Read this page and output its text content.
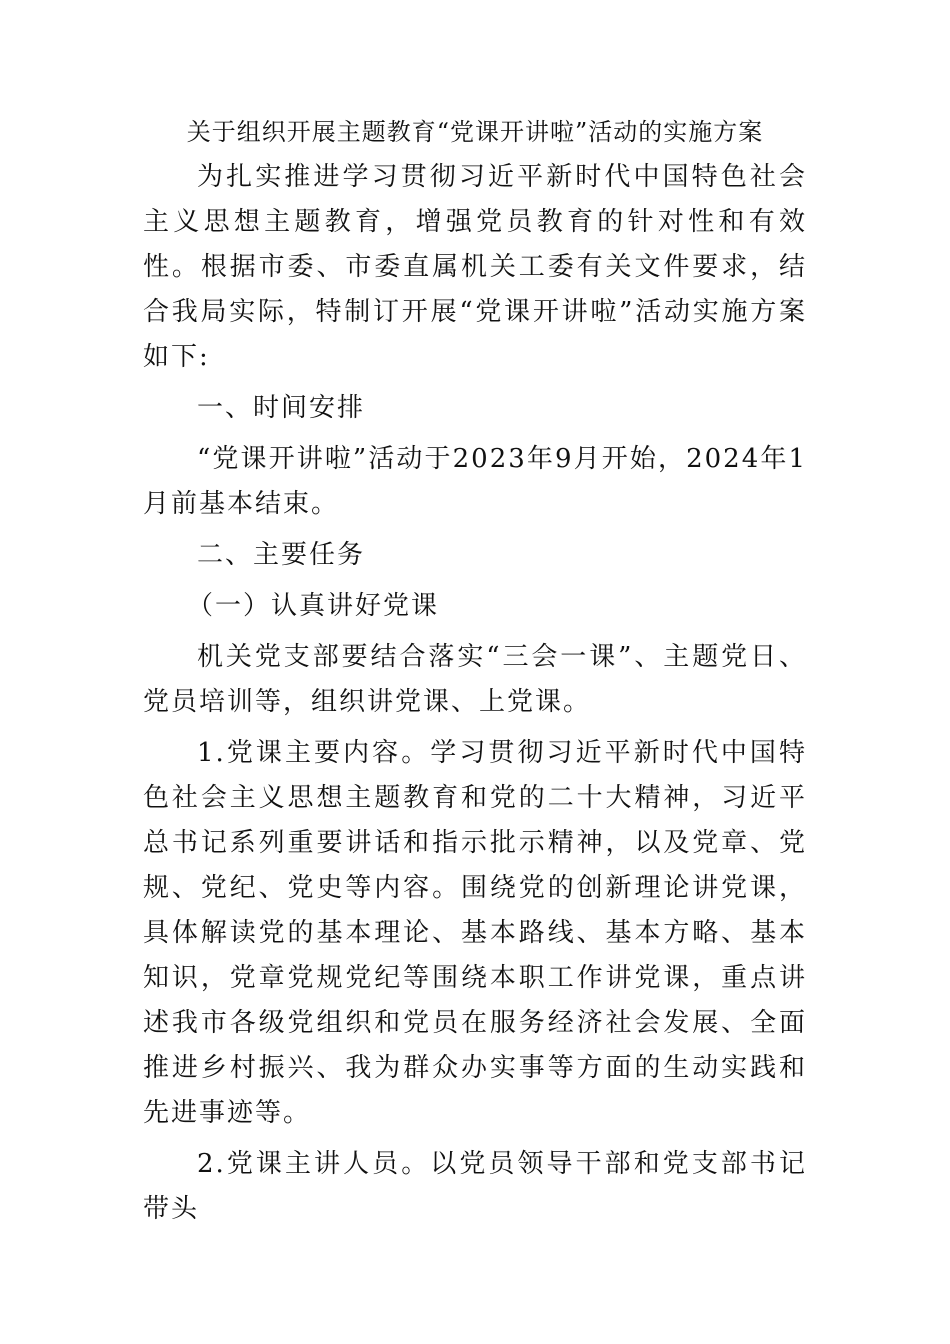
关于组织开展主题教育“党课开讲啦”活动的实施方案

为扎实推进学习贯彻习近平新时代中国特色社会主义思想主题教育，增强党员教育的针对性和有效性。根据市委、市委直属机关工委有关文件要求，结合我局实际，特制订开展“党课开讲啦”活动实施方案如下:

一、时间安排

“党课开讲啦”活动于2023年9月开始，2024年1月前基本结束。

二、主要任务

（一）认真讲好党课

机关党支部要结合落实“三会一课”、主题党日、党员培训等，组织讲党课、上党课。

1.党课主要内容。学习贯彻习近平新时代中国特色社会主义思想主题教育和党的二十大精神，习近平总书记系列重要讲话和指示批示精神，以及党章、党规、党纪、党史等内容。围绕党的创新理论讲党课，具体解读党的基本理论、基本路线、基本方略、基本知识，党章党规党纪等围绕本职工作讲党课，重点讲述我市各级党组织和党员在服务经济社会发展、全面推进乡村振兴、我为群众办实事等方面的生动实践和先进事迹等。

2.党课主讲人员。以党员领导干部和党支部书记带头
